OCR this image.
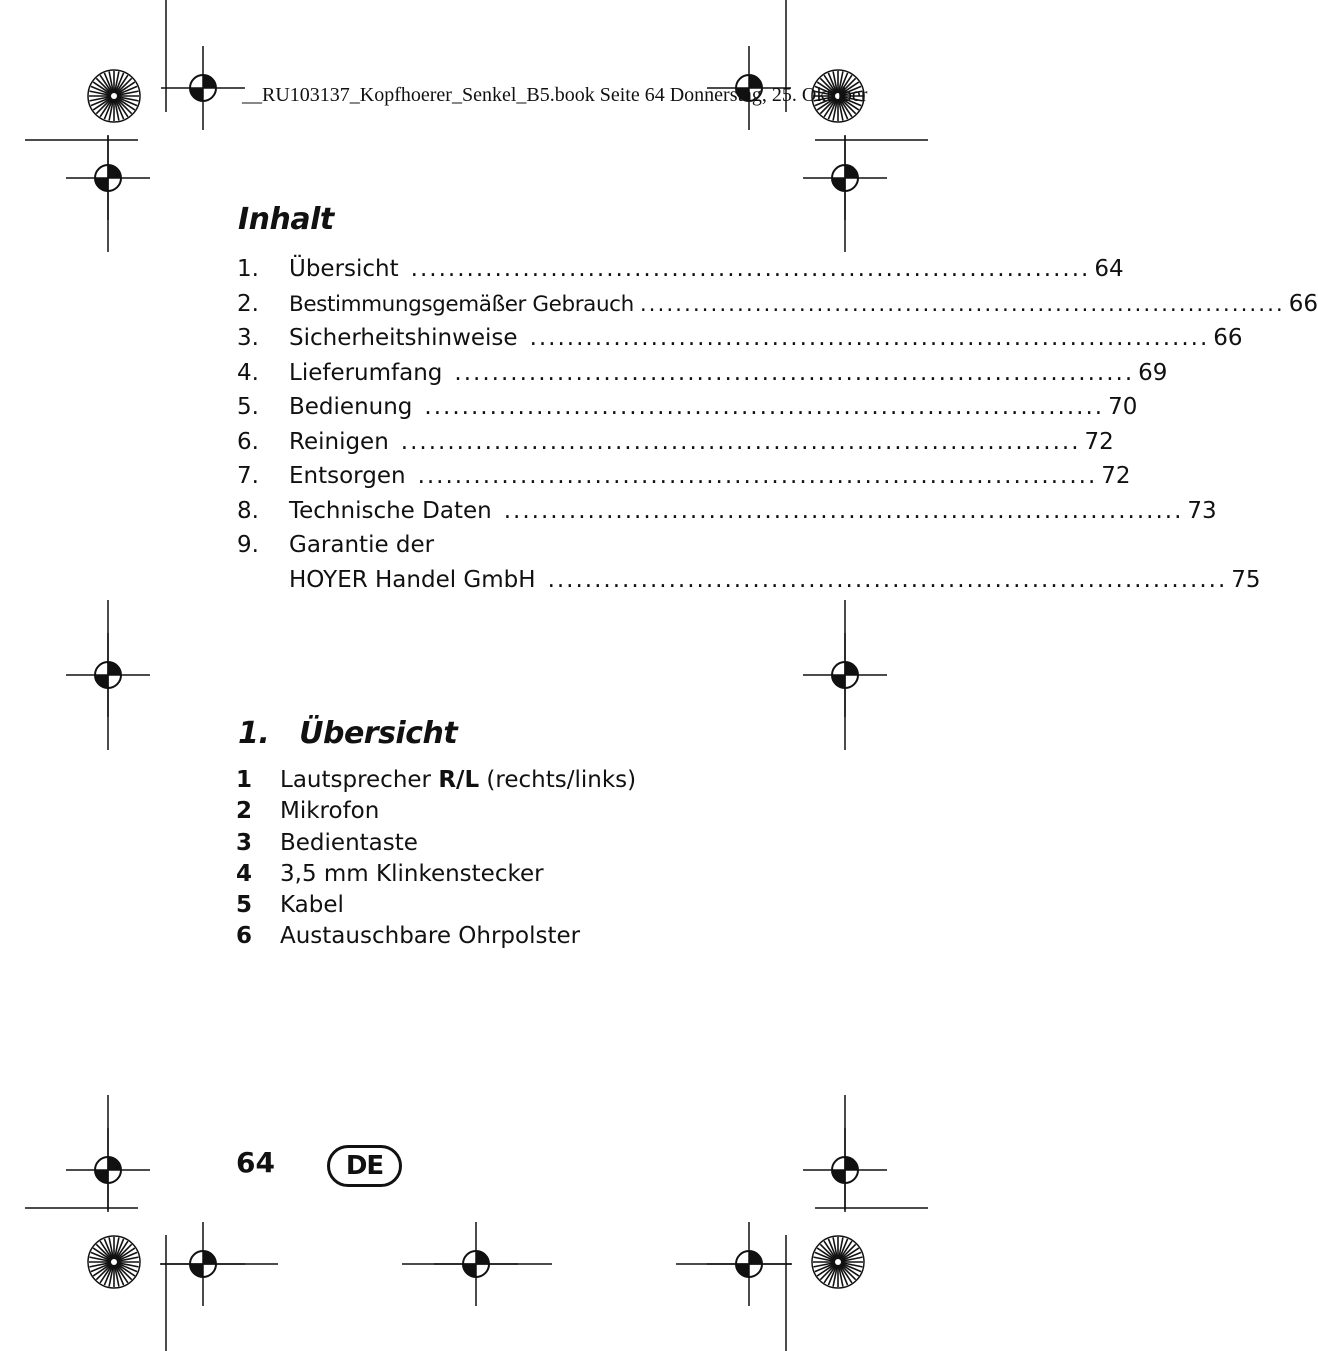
__RU103137_Kopfhoerer_Senkel_B5.book Seite 64 Donnerstag, 25. Oktober
Inhalt
1. Übersicht ......................................................................... 64
2. Bestimmungsgemäßer Gebrauch ......................................................................... 66
3. Sicherheitshinweise ......................................................................... 66
4. Lieferumfang ......................................................................... 69
5. Bedienung ......................................................................... 70
6. Reinigen ......................................................................... 72
7. Entsorgen ......................................................................... 72
8. Technische Daten ......................................................................... 73
9. Garantie der
HOYER Handel GmbH ......................................................................... 75
1.   Übersicht
1 Lautsprecher R/L (rechts/links)
2 Mikrofon
3 Bedientaste
4 3,5 mm Klinkenstecker
5 Kabel
6 Austauschbare Ohrpolster
64	DE
